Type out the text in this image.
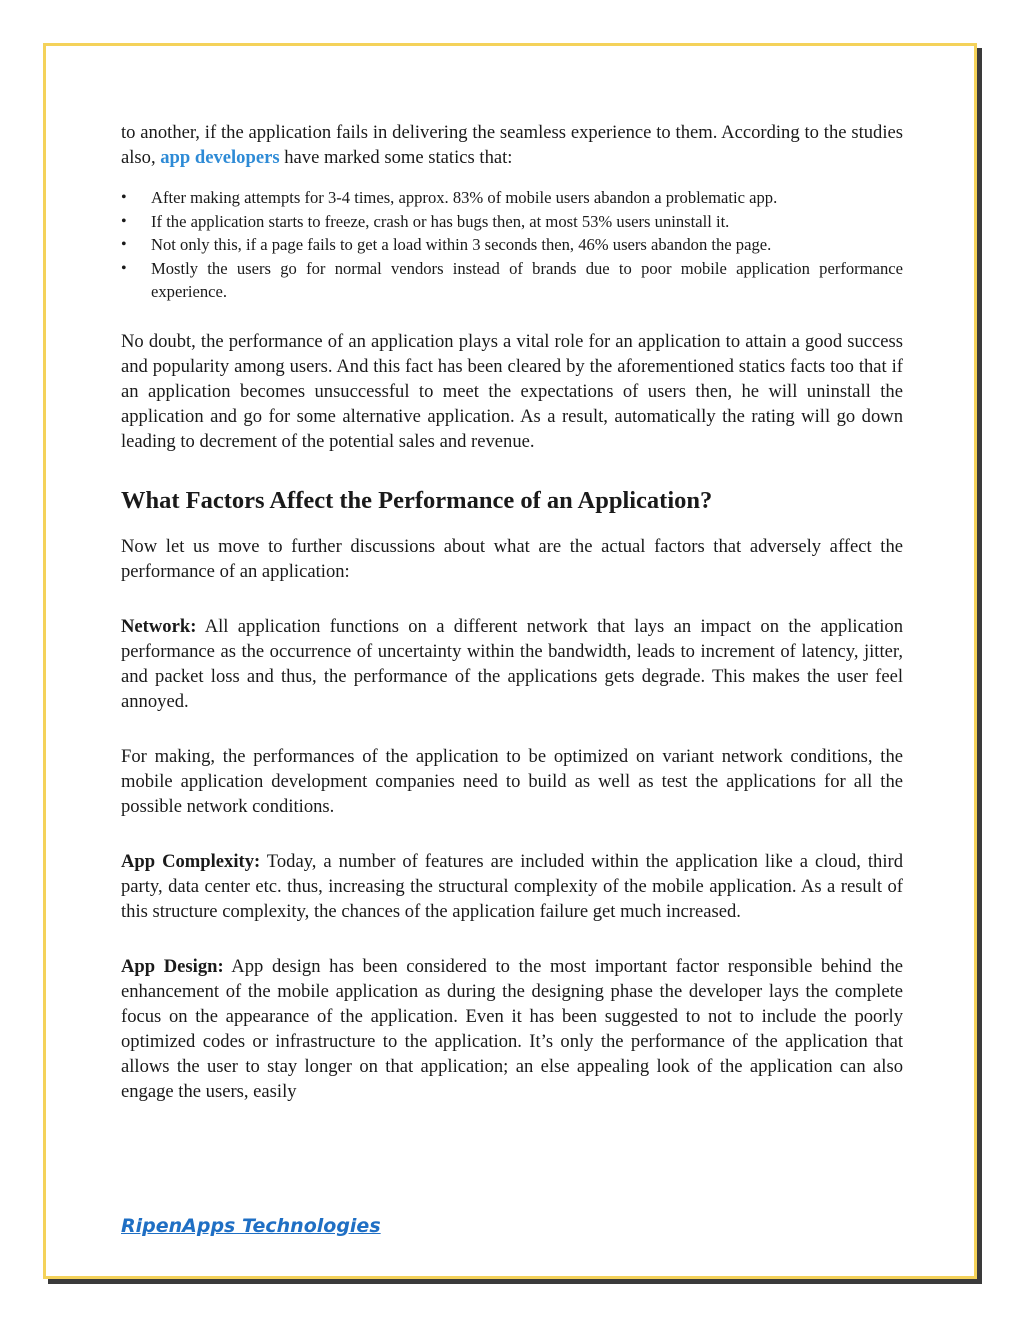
to another, if the application fails in delivering the seamless experience to them. According to the studies also, app developers have marked some statics that:

•	After making attempts for 3-4 times, approx. 83% of mobile users abandon a problematic app.
•	If the application starts to freeze, crash or has bugs then, at most 53% users uninstall it.
•	Not only this, if a page fails to get a load within 3 seconds then, 46% users abandon the page.
•	Mostly the users go for normal vendors instead of brands due to poor mobile application performance experience.

No doubt, the performance of an application plays a vital role for an application to attain a good success and popularity among users. And this fact has been cleared by the aforementioned statics facts too that if an application becomes unsuccessful to meet the expectations of users then, he will uninstall the application and go for some alternative application. As a result, automatically the rating will go down leading to decrement of the potential sales and revenue.

What Factors Affect the Performance of an Application?

Now let us move to further discussions about what are the actual factors that adversely affect the performance of an application:

Network: All application functions on a different network that lays an impact on the application performance as the occurrence of uncertainty within the bandwidth, leads to increment of latency, jitter, and packet loss and thus, the performance of the applications gets degrade. This makes the user feel annoyed.

For making, the performances of the application to be optimized on variant network conditions, the mobile application development companies need to build as well as test the applications for all the possible network conditions.

App Complexity: Today, a number of features are included within the application like a cloud, third party, data center etc. thus, increasing the structural complexity of the mobile application. As a result of this structure complexity, the chances of the application failure get much increased.

App Design: App design has been considered to the most important factor responsible behind the enhancement of the mobile application as during the designing phase the developer lays the complete focus on the appearance of the application. Even it has been suggested to not to include the poorly optimized codes or infrastructure to the application. It’s only the performance of the application that allows the user to stay longer on that application; an else appealing look of the application can also engage the users, easily

RipenApps Technologies
